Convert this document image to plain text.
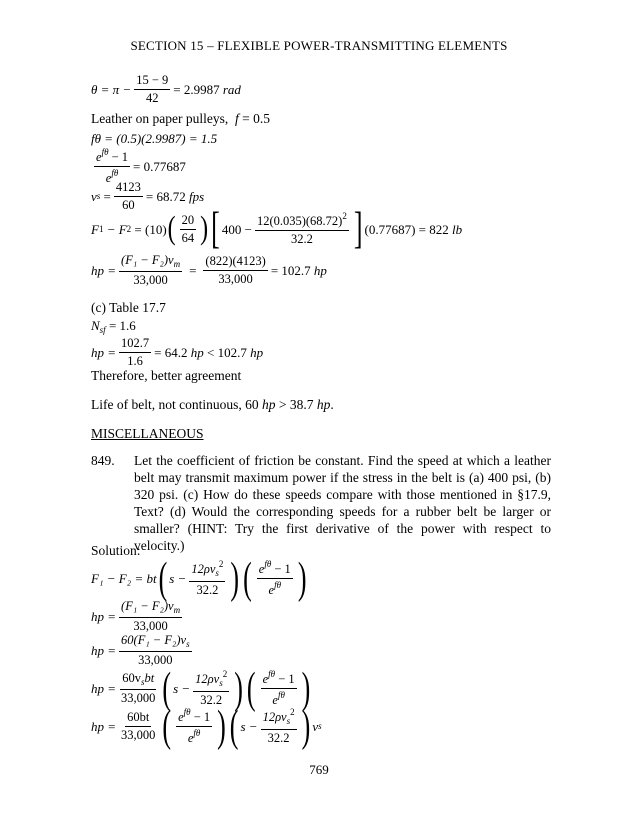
SECTION 15 – FLEXIBLE POWER-TRANSMITTING ELEMENTS
$\theta = \pi - \frac{15 - 9}{42} = 2.9987$
rad
Leather on paper pulleys, f = 0.5
fθ = (0.5)(2.9987) = 1.5
$\frac{e^{f\theta} - 1}{e^{f\theta}} = 0.77687$
v s
= $\frac{4123}{60} = 68.72$
fps
F 1
− F 2
= (10) ( $\frac{20}{64}$ ) [ $400 - \frac{12(0.035)(68.72)^2}{32.2}$ ] (0.77687) = 822
lb
hp = $\frac{(F_1 - F_2)v_m}{33,000} = \frac{(822)(4123)}{33,000} = 102.7$
hp
(c) Table 17.7
$N_{sf} = 1.6$
hp = $\frac{102.7}{1.6} = 64.2$
hp
< 102.7
hp
Therefore, better agreement
Life of belt, not continuous, 60 hp > 38.7 hp.
MISCELLANEOUS
849. Let the coefficient of friction be constant. Find the speed at which a leather belt may transmit maximum power if the stress in the belt is (a) 400 psi, (b) 320 psi. (c) How do these speeds compare with those mentioned in §17.9, Text? (d) Would the corresponding speeds for a rubber belt be larger or smaller? (HINT: Try the first derivative of the power with respect to velocity.)
Solution:
F₁ − F₂ = bt ( $s - \frac{12\rho v_s^2}{32.2}$ ) ( $\frac{e^{f\theta} - 1}{e^{f\theta}}$ )
hp = $\frac{(F_1 - F_2)v_m}{33,000}$
hp = $\frac{60(F_1 - F_2)v_s}{33,000}$
hp = $\frac{60v_sbt}{33,000}$ ( $s - \frac{12\rho v_s^2}{32.2}$ ) ( $\frac{e^{f\theta} - 1}{e^{f\theta}}$ )
hp = $\frac{60bt}{33,000}$ ( $\frac{e^{f\theta} - 1}{e^{f\theta}}$ ) ( $s - \frac{12\rho v_s^2}{32.2}$ ) v s
769
